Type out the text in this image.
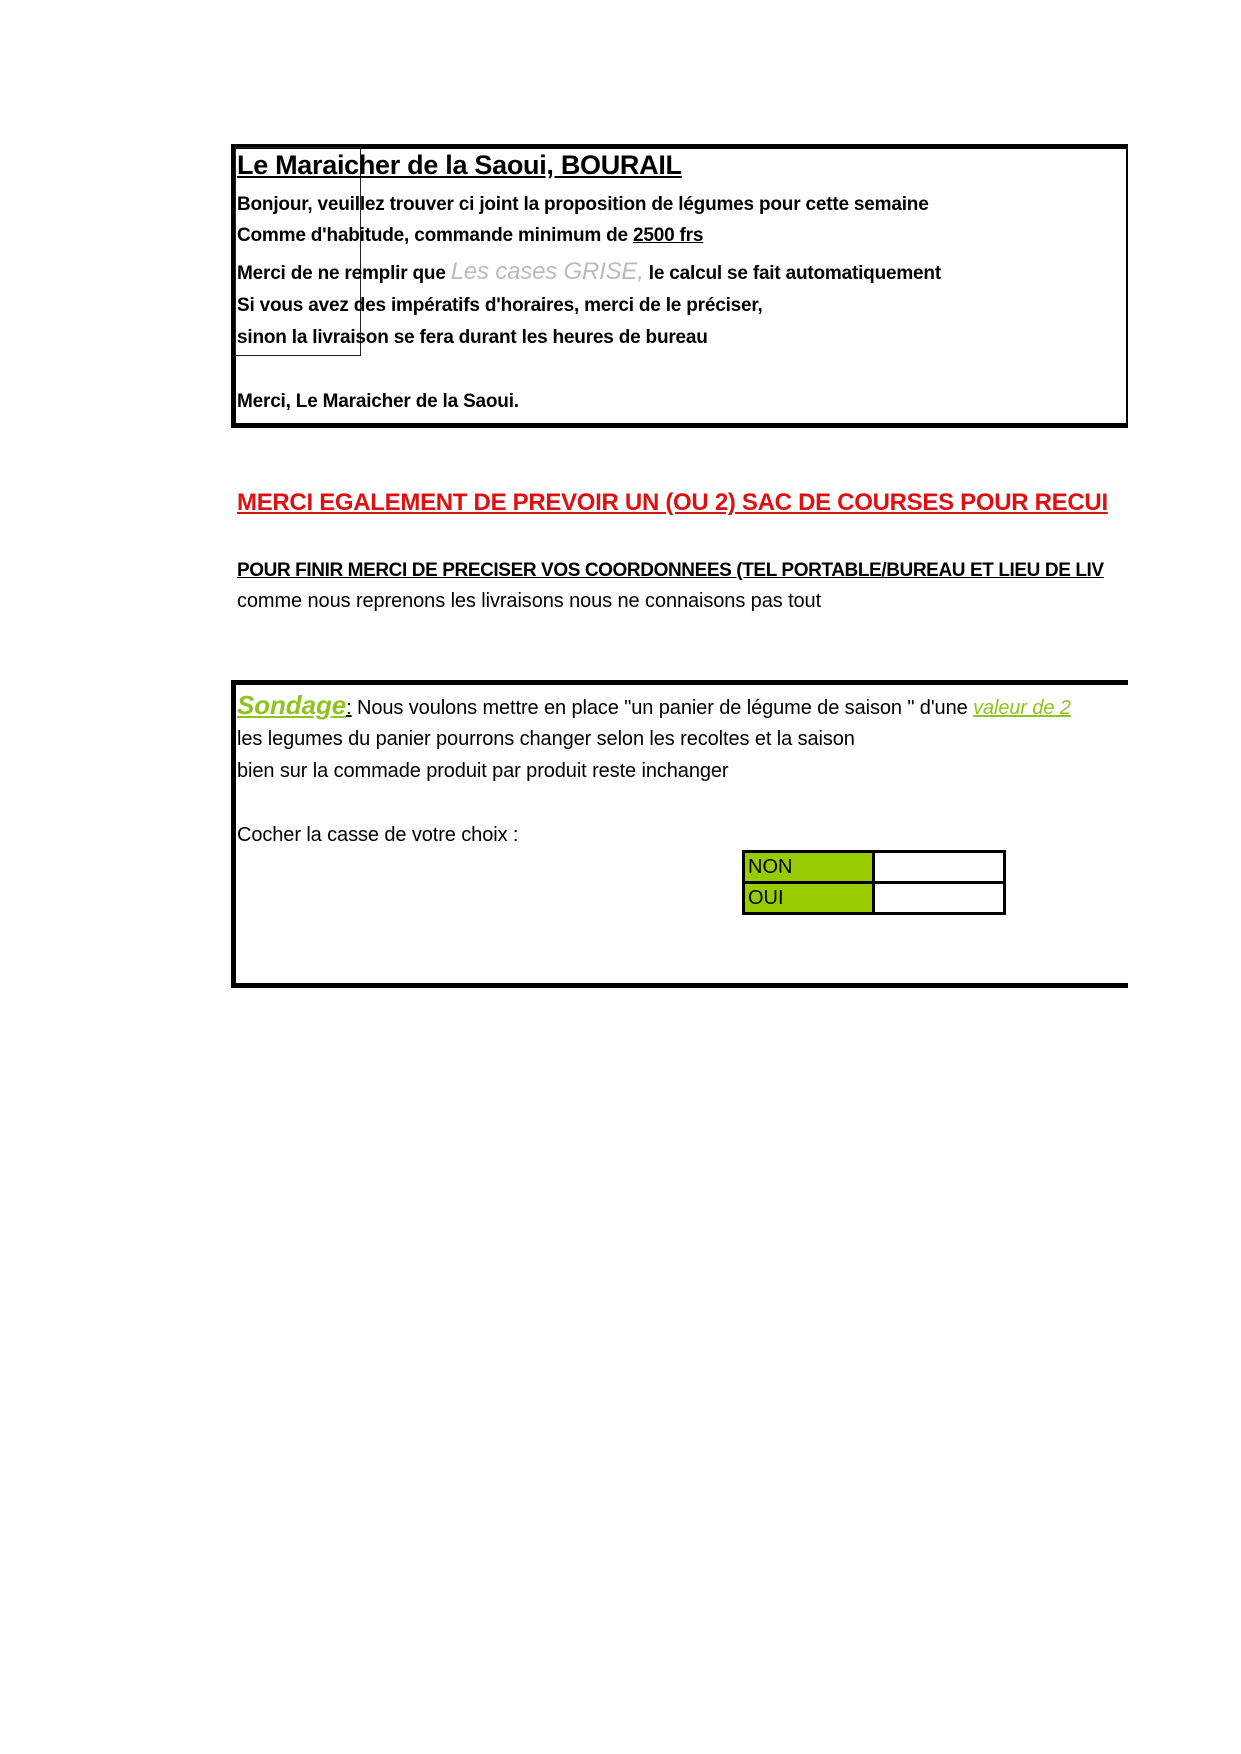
Le Maraicher de la Saoui, BOURAIL
Bonjour, veuillez trouver ci joint la proposition de légumes pour cette semaine
Comme d'habitude, commande minimum de 2500 frs
Merci de ne remplir que Les cases GRISE, le calcul se fait automatiquement
Si vous avez des impératifs d'horaires, merci de le préciser,
sinon la livraison se fera durant les heures de bureau
Merci, Le Maraicher de la Saoui.
MERCI EGALEMENT DE PREVOIR UN (OU 2) SAC DE COURSES POUR RECUI
POUR FINIR MERCI DE PRECISER VOS COORDONNEES (TEL PORTABLE/BUREAU ET LIEU DE LIV
comme nous reprenons les livraisons nous ne connaisons pas tout
Sondage: Nous voulons mettre en place "un panier de légume de saison " d'une valeur de 2
les legumes du panier pourrons changer selon les recoltes et la saison
bien sur la commade produit par produit reste inchanger
Cocher la casse de votre choix :
NON	
OUI	
